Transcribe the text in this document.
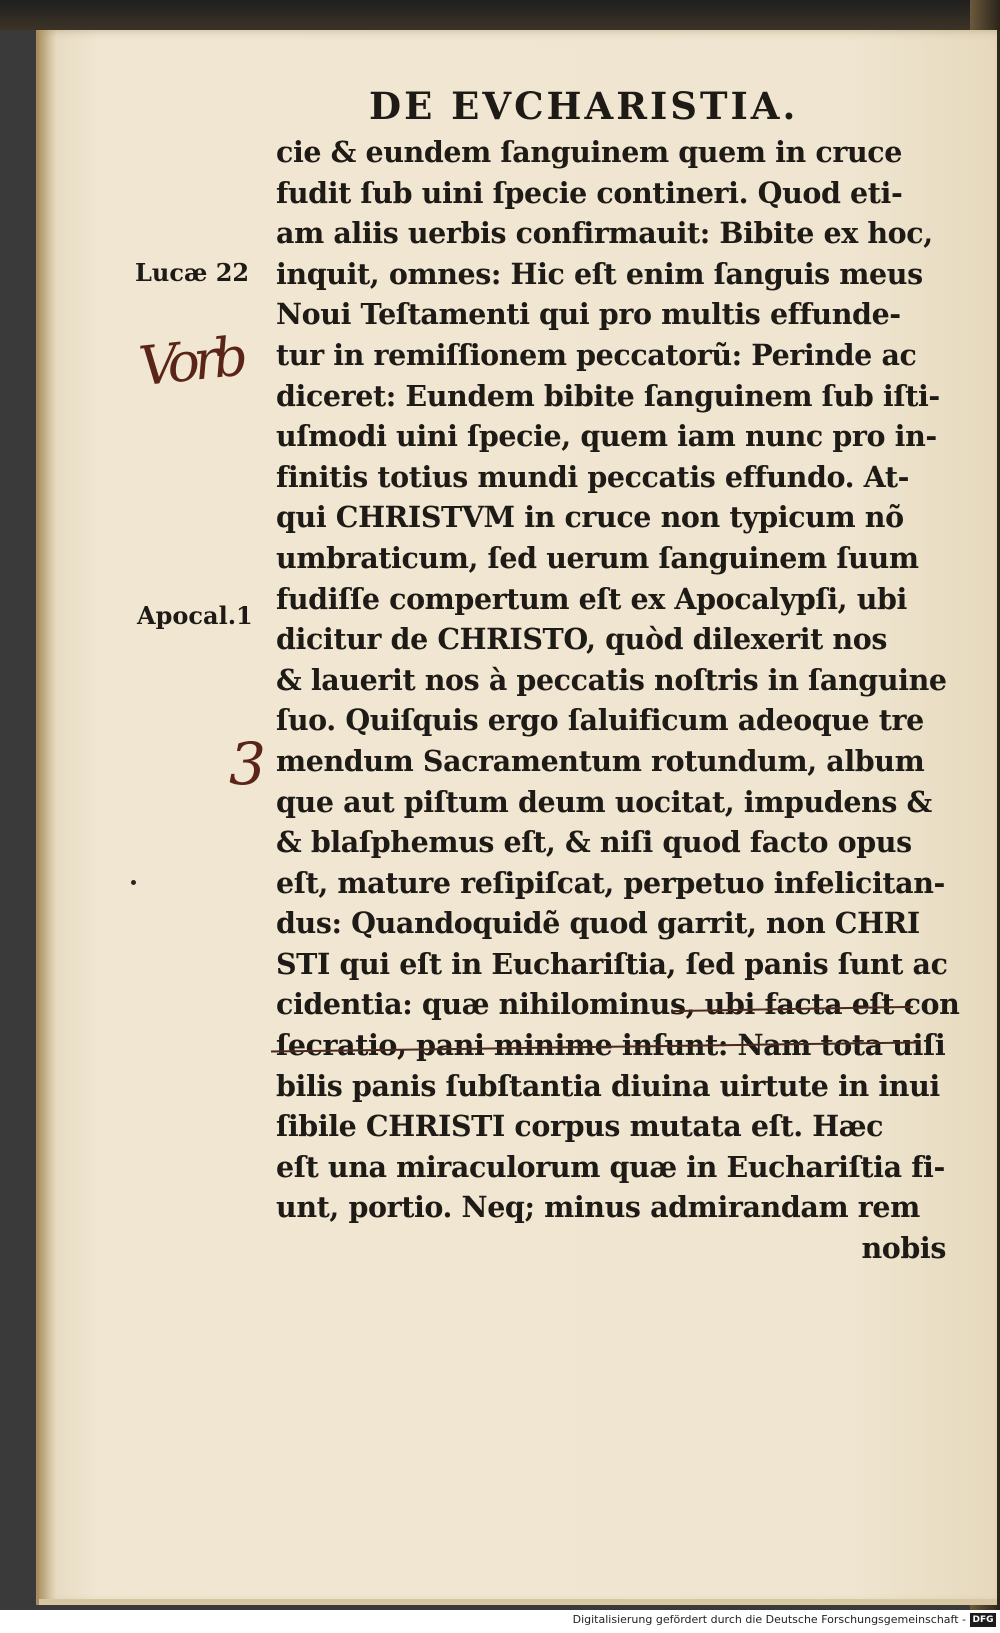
DE EVCHARISTIA.
Lucæ 22
Apocal.1
Vorb
3
cie & eundem ſanguinem quem in cruce
fudit ſub uini ſpecie contineri. Quod eti-
am aliis uerbis confirmauit: Bibite ex hoc,
inquit, omnes: Hic eſt enim ſanguis meus
Noui Teſtamenti qui pro multis effunde-
tur in remiſſionem peccatorũ: Perinde ac
diceret: Eundem bibite ſanguinem ſub iſti-
uſmodi uini ſpecie, quem iam nunc pro in-
finitis totius mundi peccatis effundo. At-
qui CHRISTVM in cruce non typicum nõ
umbraticum, ſed uerum ſanguinem ſuum
fudiſſe compertum eſt ex Apocalypſi, ubi
dicitur de CHRISTO, quòd dilexerit nos
& lauerit nos à peccatis noſtris in ſanguine
ſuo. Quiſquis ergo ſaluificum adeoque tre
mendum Sacramentum rotundum, album
que aut piſtum deum uocitat, impudens &
& blaſphemus eſt, & niſi quod facto opus
eſt, mature reſipiſcat, perpetuo infelicitan-
dus: Quandoquidẽ quod garrit, non CHRI
STI qui eſt in Euchariſtia, ſed panis ſunt ac
cidentia: quæ nihilominus, ubi facta eſt con
ſecratio, pani minime inſunt: Nam tota uiſi
bilis panis ſubſtantia diuina uirtute in inui
ſibile CHRISTI corpus mutata eſt. Hæc
eſt una miraculorum quæ in Euchariſtia fi-
unt, portio. Neq; minus admirandam rem
nobis
Digitalisierung gefördert durch die Deutsche Forschungsgemeinschaft - DFG
